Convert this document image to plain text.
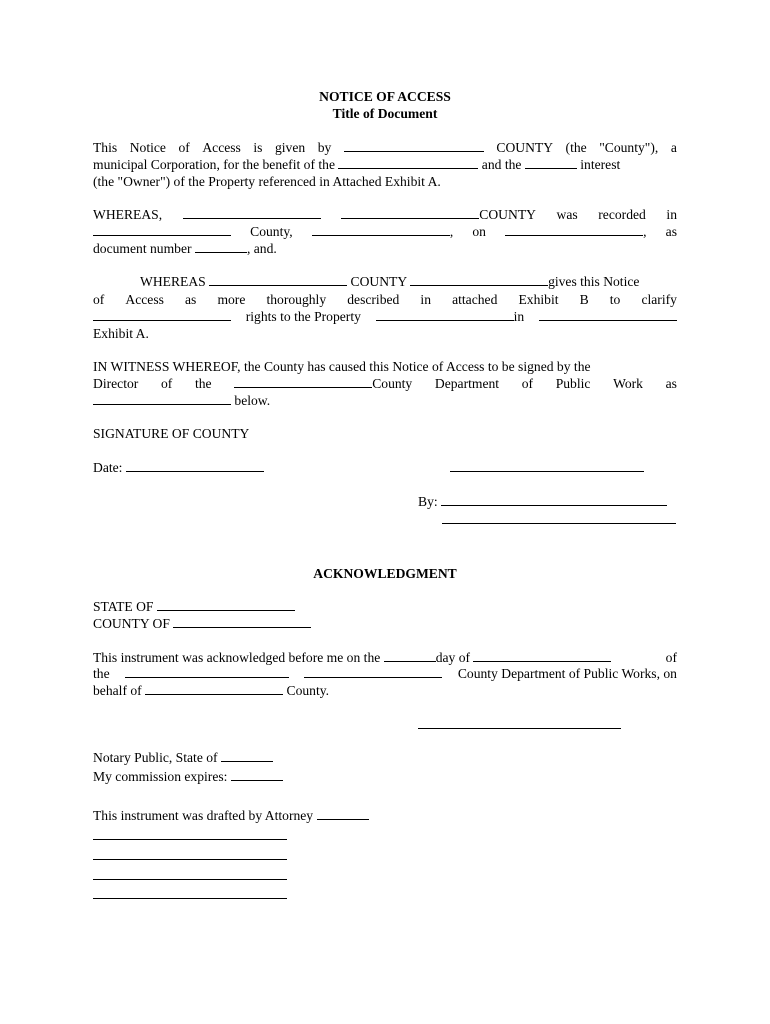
NOTICE OF ACCESS
Title of Document
This Notice of Access is given by	COUNTY (the "County"), a
municipal Corporation, for the benefit of the	and the	interest
(the "Owner") of the Property referenced in Attached Exhibit A.
WHEREAS,	COUNTY was recorded in
County,	, on	, as
document number	, and.
WHEREAS	COUNTY	gives this Notice
of Access as more thoroughly described in attached Exhibit B to clarify
rights to the Property	in
Exhibit A.
IN WITNESS WHEREOF, the County has caused this Notice of Access to be signed by the
Director of the	County Department of Public Work as
below.
SIGNATURE OF COUNTY
Date:
By:
ACKNOWLEDGMENT
STATE OF
COUNTY OF
This instrument was acknowledged before me on the	day of	of
the	County Department of Public Works, on
behalf of	County.
Notary Public, State of
My commission expires:
This instrument was drafted by Attorney
